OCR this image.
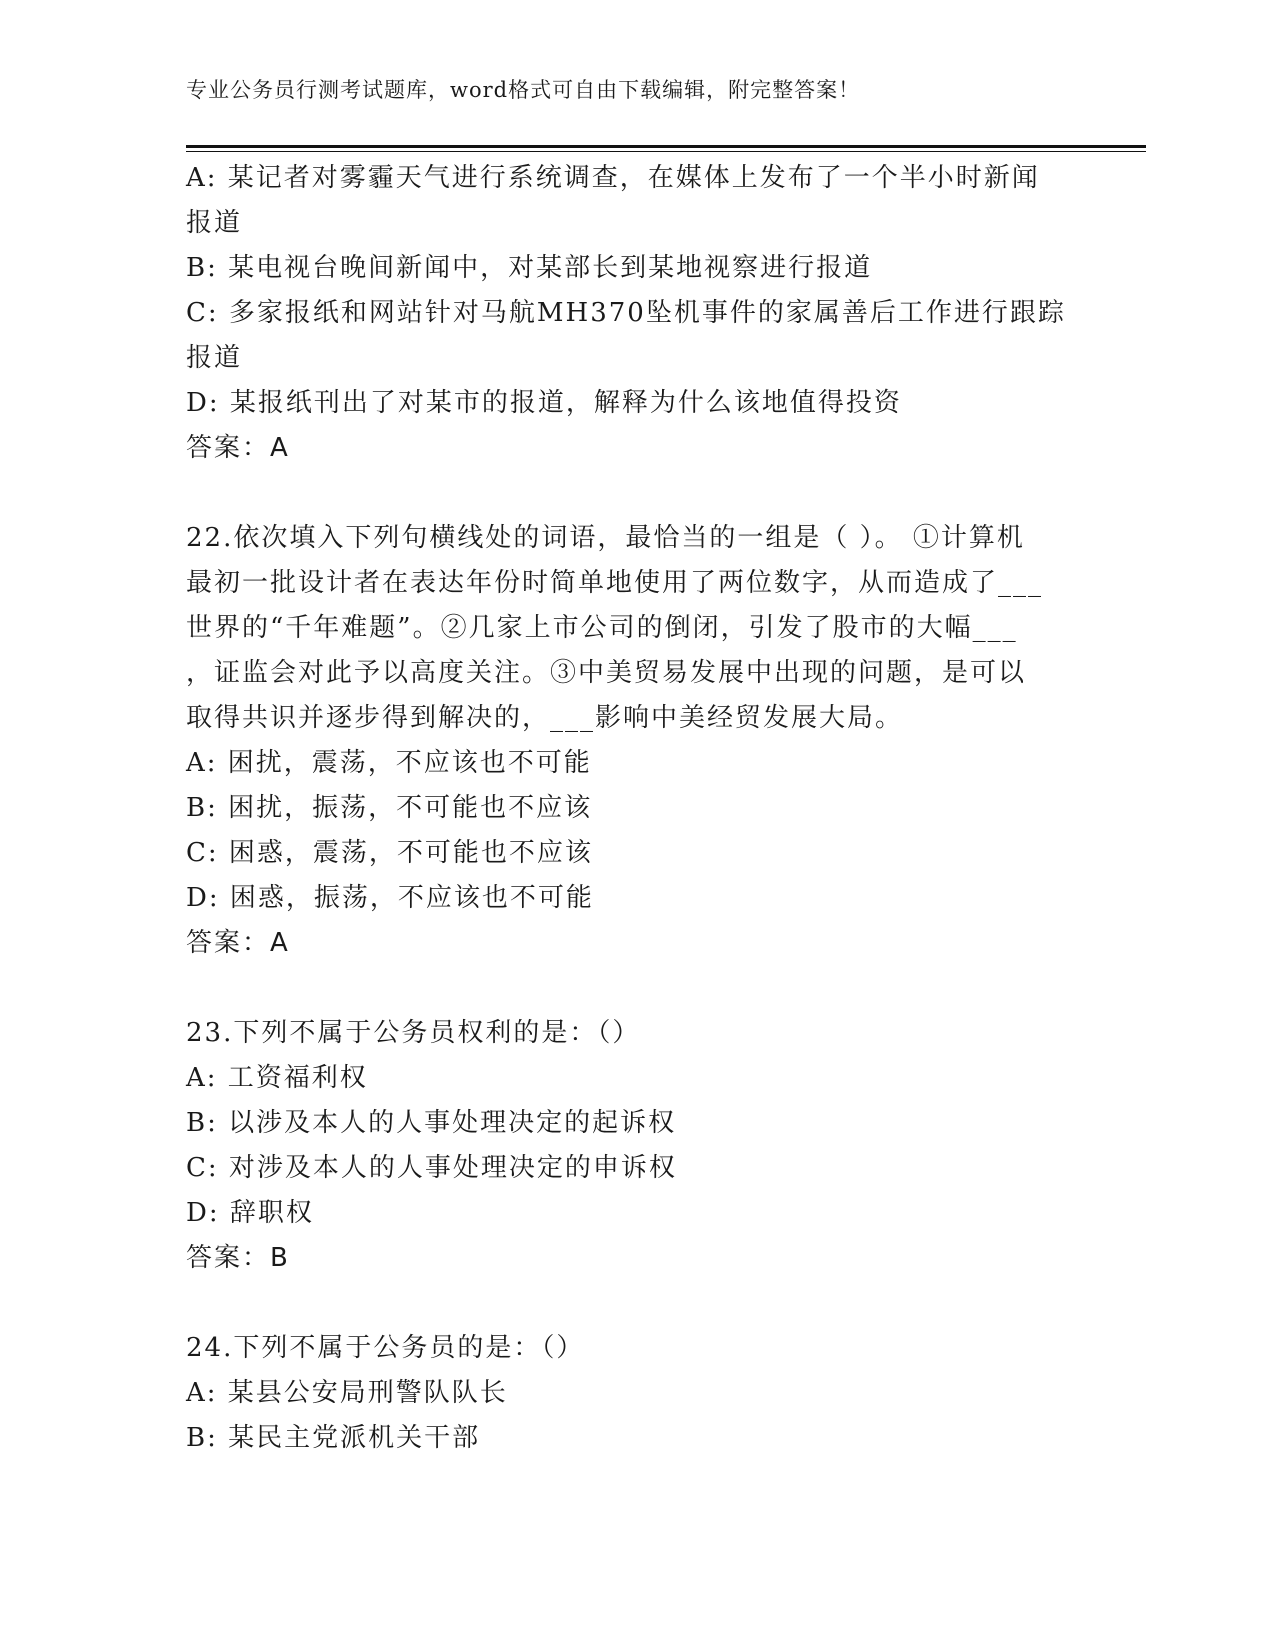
专业公务员行测考试题库，word格式可自由下载编辑，附完整答案！
A: 某记者对雾霾天气进行系统调查，在媒体上发布了一个半小时新闻
报道
B: 某电视台晚间新闻中，对某部长到某地视察进行报道
C: 多家报纸和网站针对马航MH370坠机事件的家属善后工作进行跟踪
报道
D: 某报纸刊出了对某市的报道，解释为什么该地值得投资
答案：A
22.依次填入下列句横线处的词语，最恰当的一组是（ ）。 ①计算机
最初一批设计者在表达年份时简单地使用了两位数字，从而造成了___
世界的“千年难题”。②几家上市公司的倒闭，引发了股市的大幅___
，证监会对此予以高度关注。③中美贸易发展中出现的问题，是可以
取得共识并逐步得到解决的，___影响中美经贸发展大局。
A: 困扰，震荡，不应该也不可能
B: 困扰，振荡，不可能也不应该
C: 困惑，震荡，不可能也不应该
D: 困惑，振荡，不应该也不可能
答案：A
23.下列不属于公务员权利的是：（）
A: 工资福利权
B: 以涉及本人的人事处理决定的起诉权
C: 对涉及本人的人事处理决定的申诉权
D: 辞职权
答案：B
24.下列不属于公务员的是：（）
A: 某县公安局刑警队队长
B: 某民主党派机关干部
